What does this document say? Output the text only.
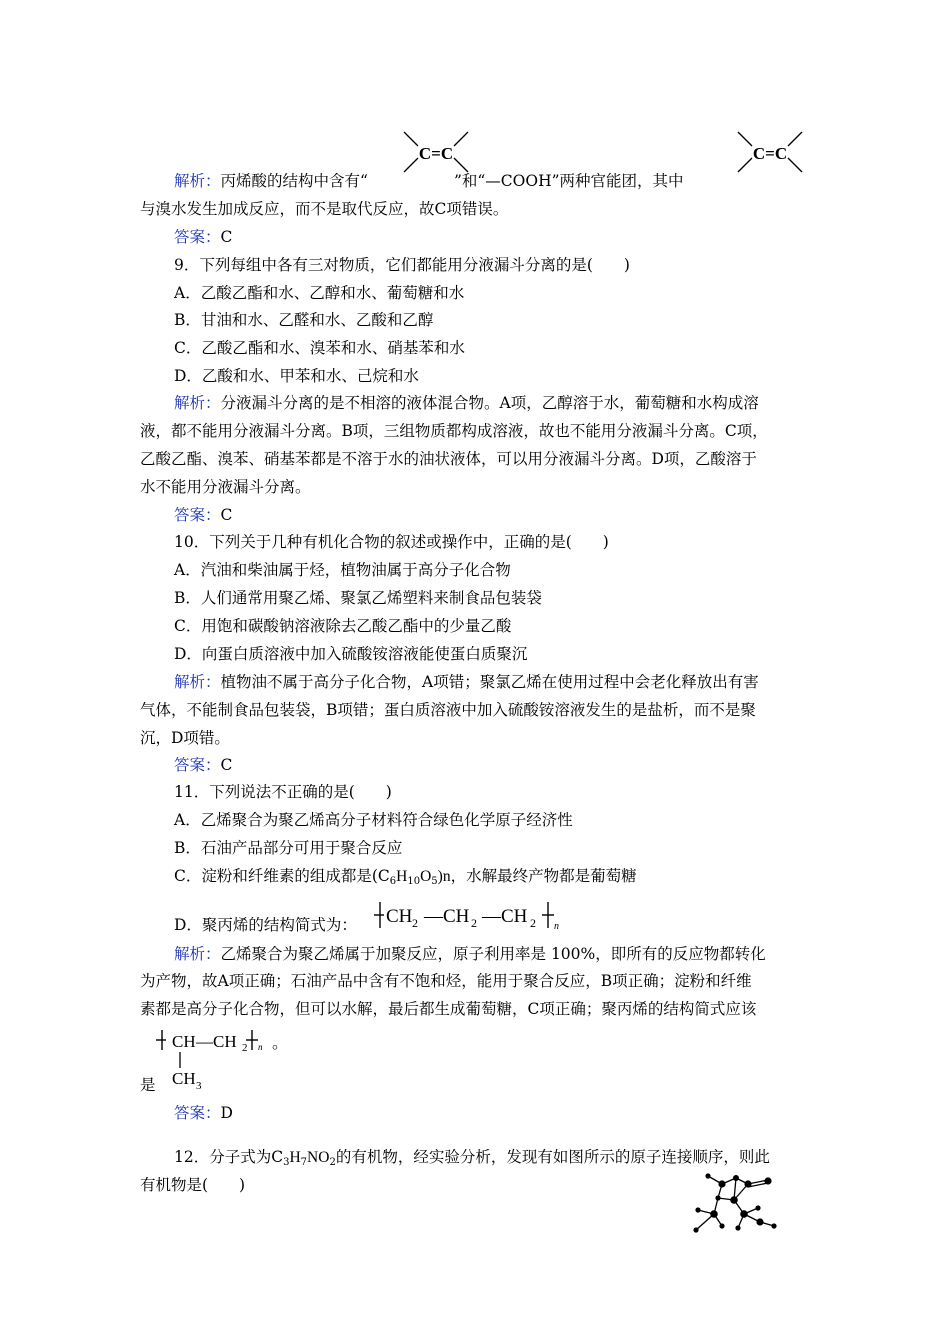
C=C	C=C
解析：丙烯酸的结构中含有“	”和“—COOH”两种官能团，其中
与溴水发生加成反应，而不是取代反应，故C项错误。
答案：C
9．下列每组中各有三对物质，它们都能用分液漏斗分离的是(　　)
A．乙酸乙酯和水、乙醇和水、葡萄糖和水
B．甘油和水、乙醛和水、乙酸和乙醇
C．乙酸乙酯和水、溴苯和水、硝基苯和水
D．乙酸和水、甲苯和水、己烷和水
解析：分液漏斗分离的是不相溶的液体混合物。A项，乙醇溶于水，葡萄糖和水构成溶
液，都不能用分液漏斗分离。B项，三组物质都构成溶液，故也不能用分液漏斗分离。C项，
乙酸乙酯、溴苯、硝基苯都是不溶于水的油状液体，可以用分液漏斗分离。D项，乙酸溶于
水不能用分液漏斗分离。
答案：C
10．下列关于几种有机化合物的叙述或操作中，正确的是(　　)
A．汽油和柴油属于烃，植物油属于高分子化合物
B．人们通常用聚乙烯、聚氯乙烯塑料来制食品包装袋
C．用饱和碳酸钠溶液除去乙酸乙酯中的少量乙酸
D．向蛋白质溶液中加入硫酸铵溶液能使蛋白质聚沉
解析：植物油不属于高分子化合物，A项错；聚氯乙烯在使用过程中会老化释放出有害
气体，不能制食品包装袋，B项错；蛋白质溶液中加入硫酸铵溶液发生的是盐析，而不是聚
沉，D项错。
答案：C
11．下列说法不正确的是(　　)
A．乙烯聚合为聚乙烯高分子材料符合绿色化学原子经济性
B．石油产品部分可用于聚合反应
C．淀粉和纤维素的组成都是$(C_6H_{10}O_5)n$，水解最终产物都是葡萄糖
D．聚丙烯的结构简式为： CH 2 —CH 2 —CH 2 n
解析：乙烯聚合为聚乙烯属于加聚反应，原子利用率是 100%，即所有的反应物都转化
为产物，故A项正确；石油产品中含有不饱和烃，能用于聚合反应，B项正确；淀粉和纤维
素都是高分子化合物，但可以水解，最后都生成葡萄糖，C项正确；聚丙烯的结构简式应该
CH —CH 2 n 。
CH 3
是
答案：D
12．分子式为$C_3H_7NO_2$的有机物，经实验分析，发现有如图所示的原子连接顺序，则此
有机物是(　　)
